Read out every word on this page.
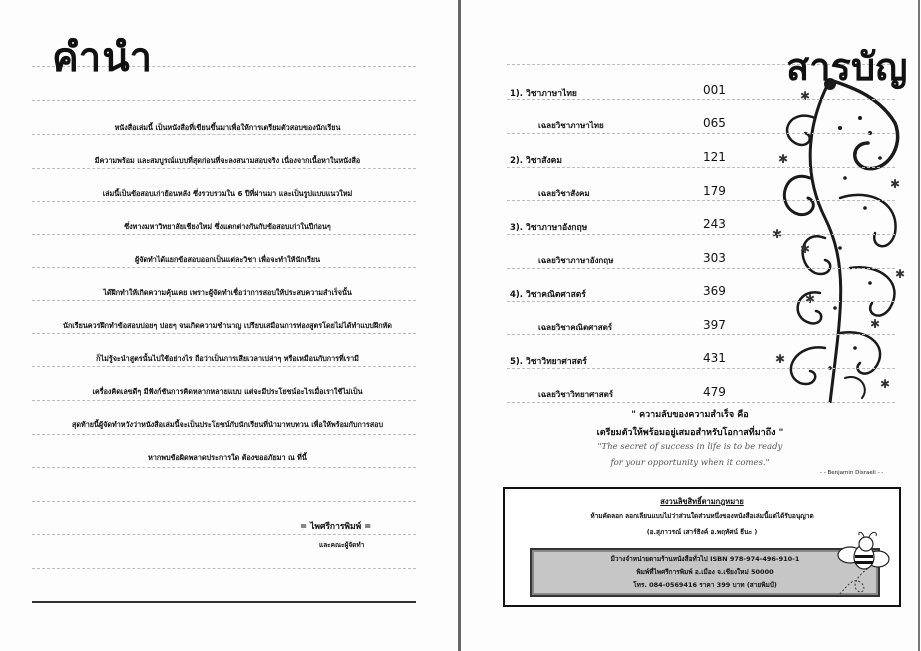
คำนำ
หนังสือเล่มนี้ เป็นหนังสือที่เขียนขึ้นมาเพื่อให้การเตรียมตัวสอบของนักเรียน
มีความพร้อม และสมบูรณ์แบบที่สุดก่อนที่จะลงสนามสอบจริง เนื่องจากเนื้อหาในหนังสือ
เล่มนี้เป็นข้อสอบเก่าย้อนหลัง ซึ่งรวบรวมใน 6 ปีที่ผ่านมา และเป็นรูปแบบแนวใหม่
ซึ่งทางมหาวิทยาลัยเชียงใหม่ ซึ่งแตกต่างกันกับข้อสอบเก่าในปีก่อนๆ
ผู้จัดทำได้แยกข้อสอบออกเป็นแต่ละวิชา เพื่อจะทำให้นักเรียน
ได้ฝึกทำให้เกิดความคุ้นเคย เพราะผู้จัดทำเชื่อว่าการสอบให้ประสบความสำเร็จนั้น
นักเรียนควรฝึกทำข้อสอบบ่อยๆ บ่อยๆ จนเกิดความชำนาญ เปรียบเสมือนการท่องสูตรโดยไม่ได้ทำแบบฝึกหัด
ก็ไม่รู้จะนำสูตรนั้นไปใช้อย่างไร ถือว่าเป็นการเสียเวลาเปล่าๆ หรือเหมือนกับการที่เรามี
เครื่องคิดเลขดีๆ มีฟังก์ชันการคิดหลากหลายแบบ แต่จะมีประโยชน์อะไรเมื่อเราใช้ไม่เป็น
สุดท้ายนี้ผู้จัดทำหวังว่าหนังสือเล่มนี้จะเป็นประโยชน์กับนักเรียนที่นำมาทบทวน เพื่อให้พร้อมกับการสอบ
หากพบข้อผิดพลาดประการใด ต้องขออภัยมา ณ ที่นี้
= ไพศรีการพิมพ์ =
และคณะผู้จัดทำ
สารบัญ
✱
✱
✱
✱
✱
✱
✱
✱
✱
✱
1). วิชาภาษาไทย	001
เฉลยวิชาภาษาไทย	065
2). วิชาสังคม	121
เฉลยวิชาสังคม	179
3). วิชาภาษาอังกฤษ	243
เฉลยวิชาภาษาอังกฤษ	303
4). วิชาคณิตศาสตร์	369
เฉลยวิชาคณิตศาสตร์	397
5). วิชาวิทยาศาสตร์	431
เฉลยวิชาวิทยาศาสตร์	479
" ความลับของความสำเร็จ คือ
เตรียมตัวให้พร้อมอยู่เสมอสำหรับโอกาสที่มาถึง "
"The secret of success in life is to be ready
for your opportunity when it comes."
- - Benjamin Disraeli - -
สงวนลิขสิทธิ์ตามกฎหมาย
ห้ามคัดลอก ลอกเลียนแบบไม่ว่าส่วนใดส่วนหนึ่งของหนังสือเล่มนี้แต่ได้รับอนุญาต
(อ.สุภาวรณ์ เสาร์ธิงค์ อ.พฤทัศน์ ธีนะ )
มีวางจำหน่ายตามร้านหนังสือทั่วไป ISBN 978-974-496-910-1
พิมพ์ที่ไพศรีการพิมพ์ อ.เมือง จ.เชียงใหม่ 50000
โทร. 084-0569416 ราคา 399 บาท (สายพิมป์)
